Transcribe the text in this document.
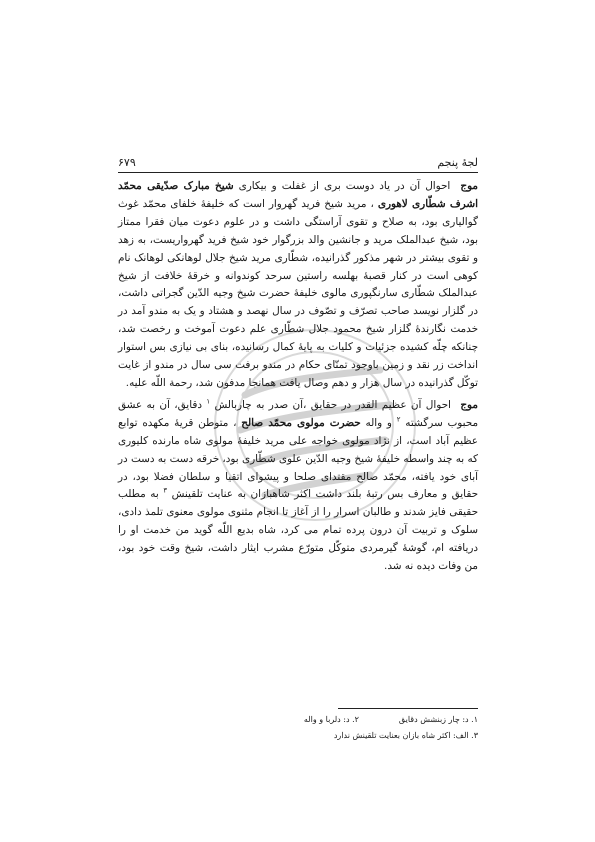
لجۀ پنجم
۶۷۹

موج احوال آن در یاد دوست بری از غفلت و بیکاری شیخ مبارک صدّیقی محمّد اشرف شطّاری لاهوری ، مرید شیخ فرید گهروار است که خلیفۀ خلفای محمّد غوث گوالیاری بود، به صلاح و تقوی آراستگی داشت و در علوم دعوت میان فقرا ممتاز بود، شیخ عبدالملک مرید و جانشین والد بزرگوار خود شیخ فرید گهرواریست، به زهد و تقوی بیشتر در شهر مذکور گذرانیده، شطّاری مرید شیخ جلال لوهانکی لوهانک نام کوهی است در کنار قصبۀ بهلسه راستین سرحد کوندوانه و خرقۀ خلافت از شیخ عبدالملک شطّاری سارنگپوری مالوی خلیفۀ حضرت شیخ وجیه الدّین گجراتی داشت، در گلزار نویسد صاحب تصرّف و تصّوف در سال نهصد و هشتاد و یک به مندو آمد در خدمت نگارندۀ گلزار شیخ محمود جلال شطّاری علم دعوت آموخت و رخصت شد، چنانکه چلّه کشیده جزئیات و کلیات به پایۀ کمال رسانیده، بنای بی نیازی بس استوار انداخت زر نقد و زمین باوجود تمنّای حکام در مندو برفت سی سال در مندو از غایت توکّل گذرانیده در سال هزار و دهم وصال یافت همانجا مدفون شد، رحمة اللّه علیه.

موج احوال آن عظیم القدر در حقایق ،آن صدر به چاربالش $^۱$ دقایق، آن به عشق محبوب سرگشته $^۲$ و واله حضرت مولوی محمّد صالح ، متوطن قریۀ مکهده توابع عظیم آباد است، از نژاد مولوی خواجه علی مرید خلیفۀ مولوی شاه مارنده کلیوری که به چند واسطه خلیفۀ شیخ وجیه الدّین علوی شطّاری بود، خرقه دست به دست در آبای خود یافته، محمّد صالح مقتدای صلحا و پیشوای اتقیا و سلطان فضلا بود، در حقایق و معارف بس رتبۀ بلند داشت اکثر شاهبازان به عنایت تلقینش $^۳$ به مطلب حقیقی فایز شدند و طالبان اسرار را از آغاز تا انجام مثنوی مولوی معنوی تلمذ دادی، سلوک و تربیت آن درون پرده تمام می کرد، شاه بدیع اللّه گوید من خدمت او را دریافته ام، گوشۀ گیرمردی متوکّل متورّع مشرب ایثار داشت، شیخ وقت خود بود، من وفات دیده نه شد.

۱. د: چار زبنشش دقایق
۲. د: دلربا و واله
۳. الف: اکثر شاه بازان بعنایت تلقینش ندارد
